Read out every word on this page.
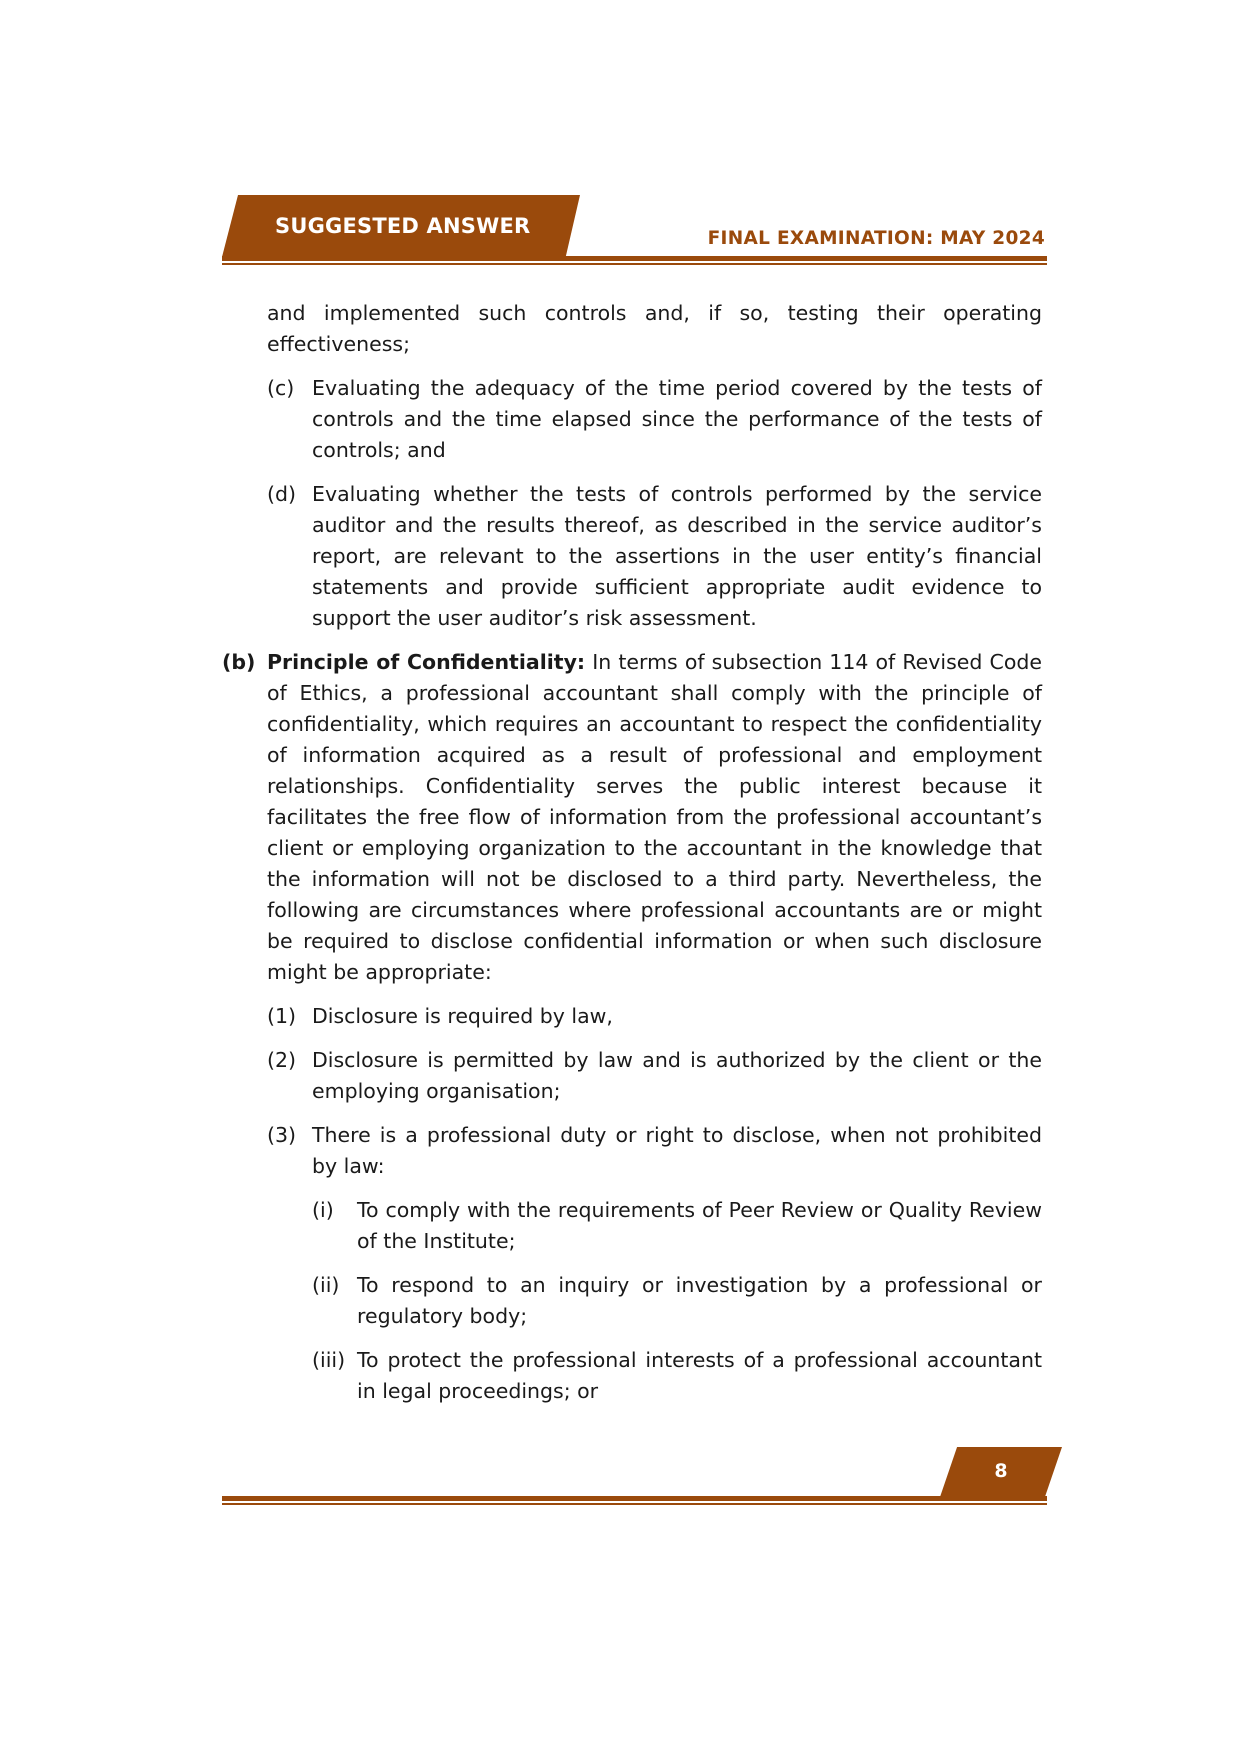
SUGGESTED ANSWER
FINAL EXAMINATION: MAY 2024
and implemented such controls and, if so, testing their operating effectiveness;
(c) Evaluating the adequacy of the time period covered by the tests of controls and the time elapsed since the performance of the tests of controls; and
(d) Evaluating whether the tests of controls performed by the service auditor and the results thereof, as described in the service auditor’s report, are relevant to the assertions in the user entity’s financial statements and provide sufficient appropriate audit evidence to support the user auditor’s risk assessment.
(b) Principle of Confidentiality: In terms of subsection 114 of Revised Code of Ethics, a professional accountant shall comply with the principle of confidentiality, which requires an accountant to respect the confidentiality of information acquired as a result of professional and employment relationships. Confidentiality serves the public interest because it facilitates the free flow of information from the professional accountant’s client or employing organization to the accountant in the knowledge that the information will not be disclosed to a third party. Nevertheless, the following are circumstances where professional accountants are or might be required to disclose confidential information or when such disclosure might be appropriate:
(1) Disclosure is required by law,
(2) Disclosure is permitted by law and is authorized by the client or the employing organisation;
(3) There is a professional duty or right to disclose, when not prohibited by law:
(i)	To comply with the requirements of Peer Review or Quality Review of the Institute;
(ii) To respond to an inquiry or investigation by a professional or regulatory body;
(iii) To protect the professional interests of a professional accountant in legal proceedings; or
8
